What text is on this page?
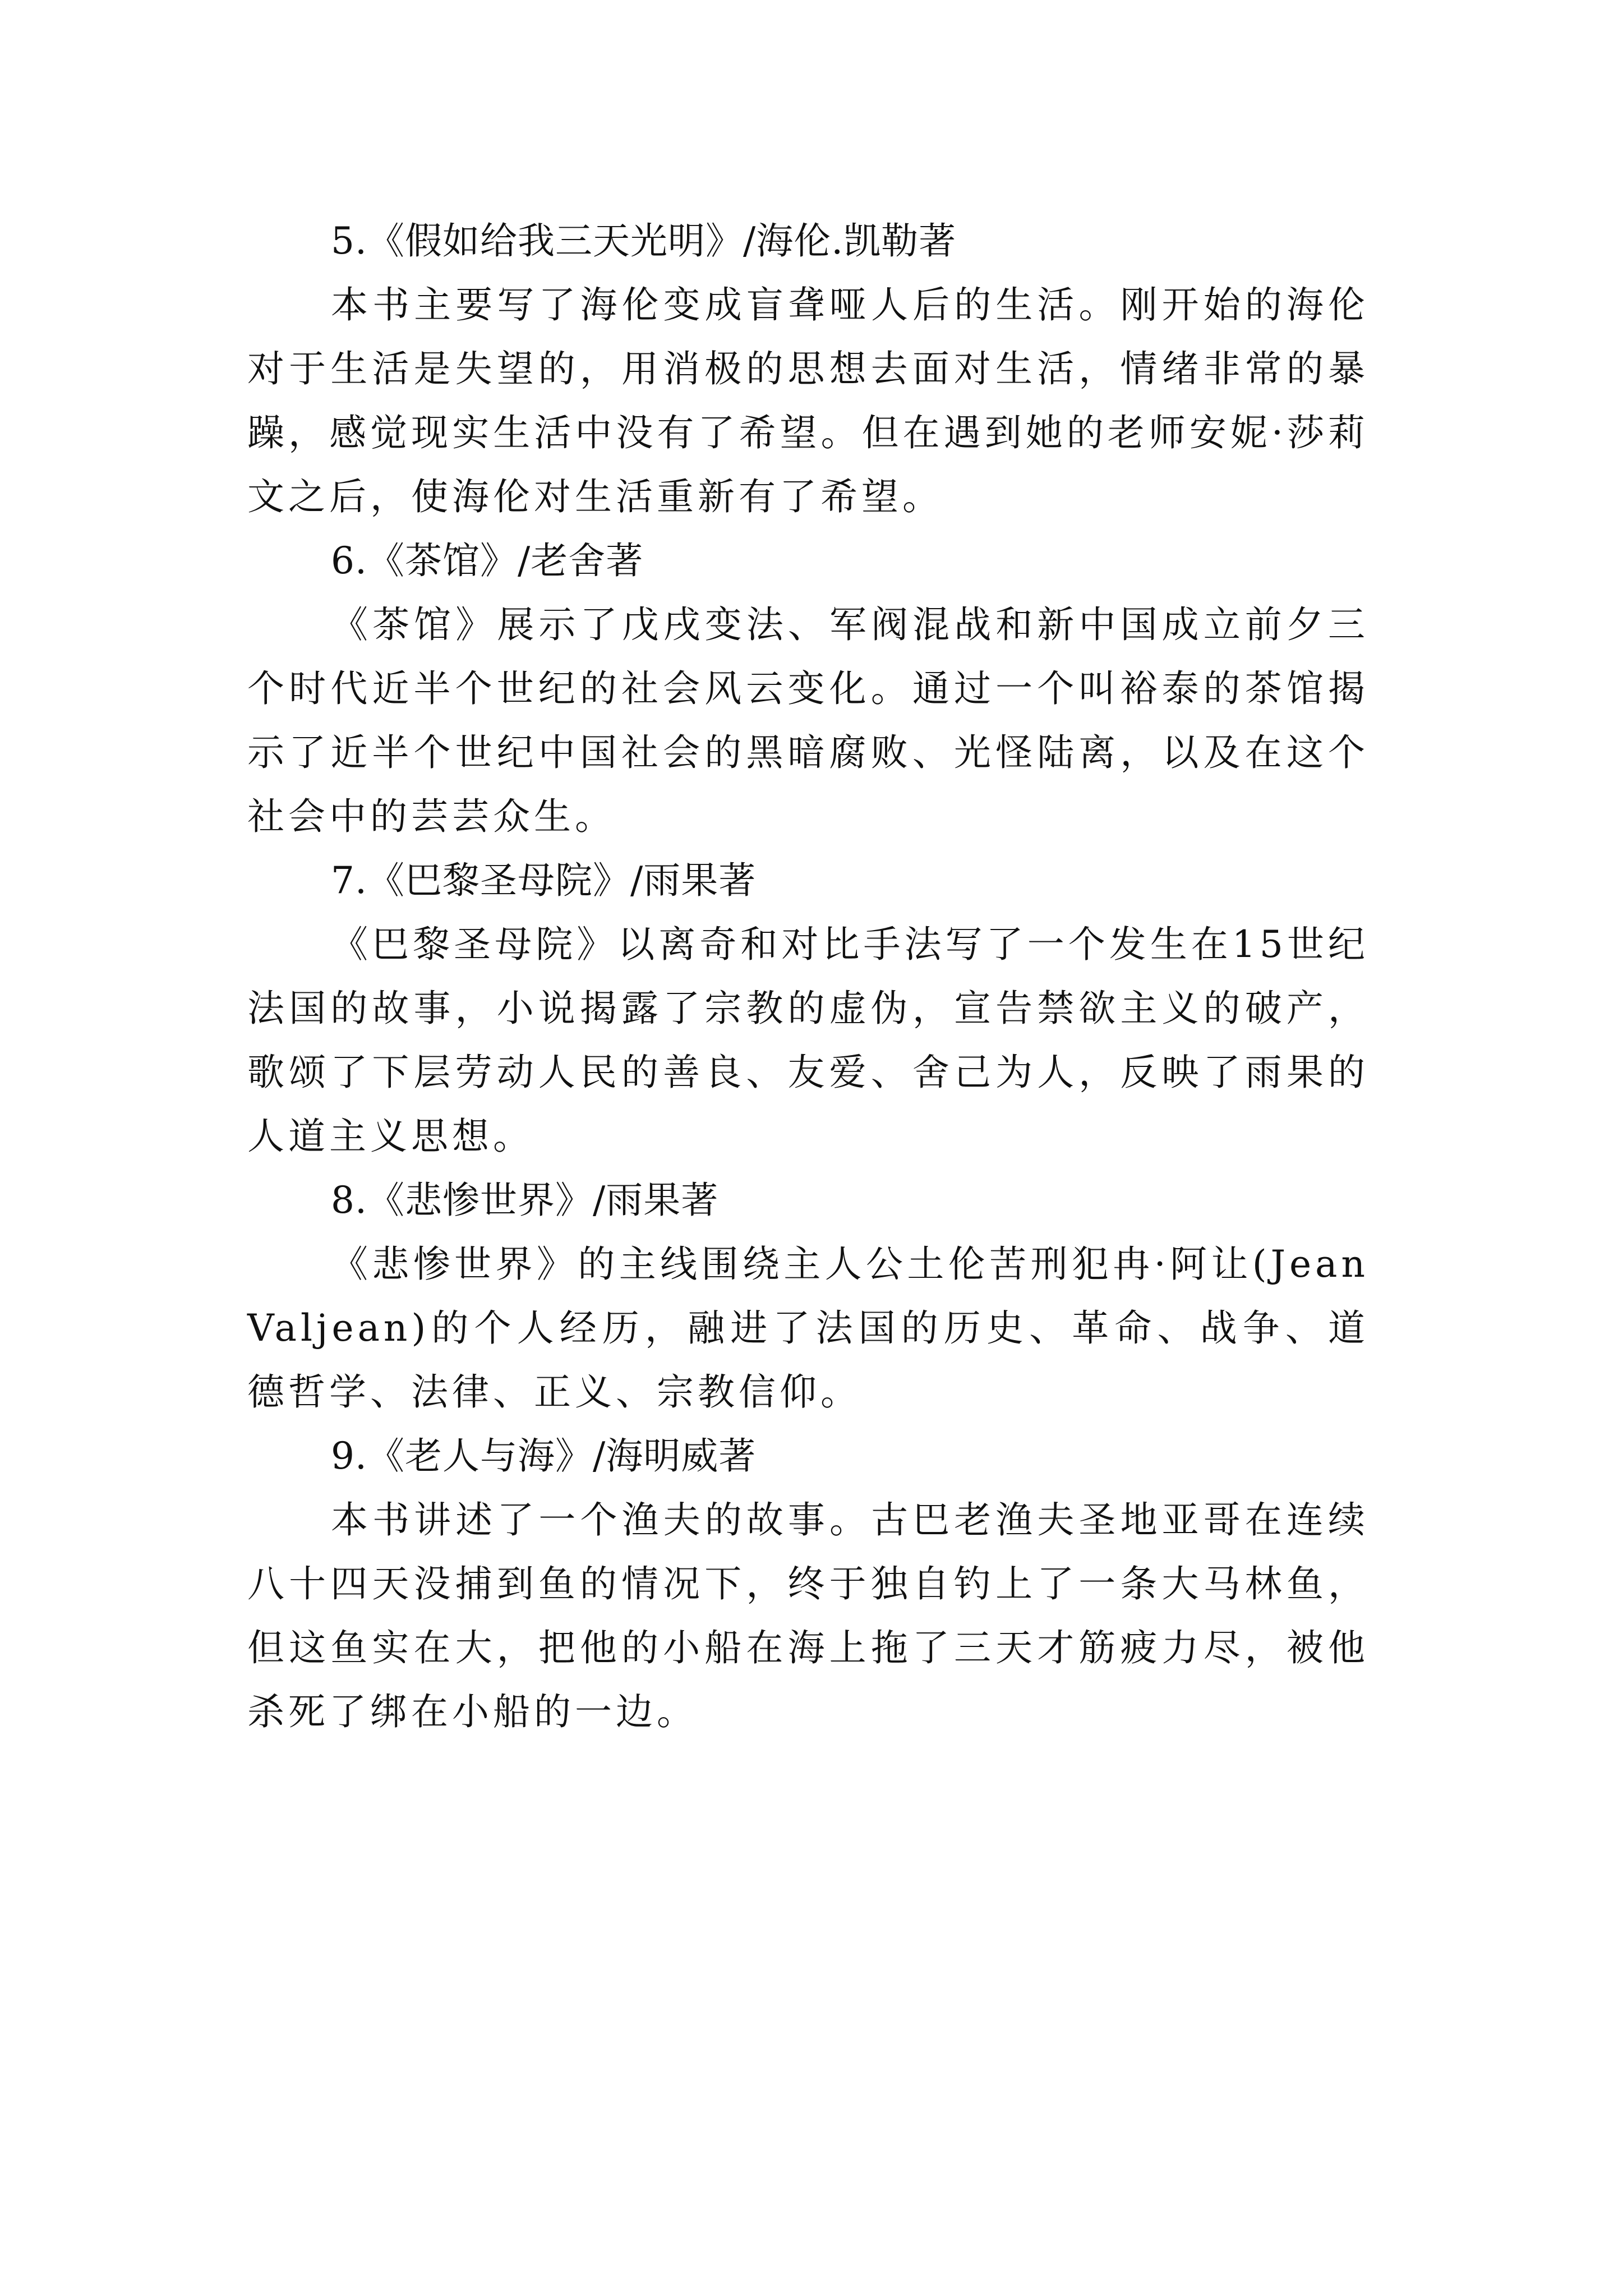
5.《假如给我三天光明》/海伦.凯勒著

本书主要写了海伦变成盲聋哑人后的生活。刚开始的海伦对于生活是失望的，用消极的思想去面对生活，情绪非常的暴躁，感觉现实生活中没有了希望。但在遇到她的老师安妮·莎莉文之后，使海伦对生活重新有了希望。

6.《茶馆》/老舍著

《茶馆》展示了戊戌变法、军阀混战和新中国成立前夕三个时代近半个世纪的社会风云变化。通过一个叫裕泰的茶馆揭示了近半个世纪中国社会的黑暗腐败、光怪陆离，以及在这个社会中的芸芸众生。

7.《巴黎圣母院》/雨果著

《巴黎圣母院》以离奇和对比手法写了一个发生在15世纪法国的故事，小说揭露了宗教的虚伪，宣告禁欲主义的破产，歌颂了下层劳动人民的善良、友爱、舍己为人，反映了雨果的人道主义思想。

8.《悲惨世界》/雨果著

《悲惨世界》的主线围绕主人公土伦苦刑犯冉·阿让(Jean Valjean)的个人经历，融进了法国的历史、革命、战争、道德哲学、法律、正义、宗教信仰。

9.《老人与海》/海明威著

本书讲述了一个渔夫的故事。古巴老渔夫圣地亚哥在连续八十四天没捕到鱼的情况下，终于独自钓上了一条大马林鱼，但这鱼实在大，把他的小船在海上拖了三天才筋疲力尽，被他杀死了绑在小船的一边。
